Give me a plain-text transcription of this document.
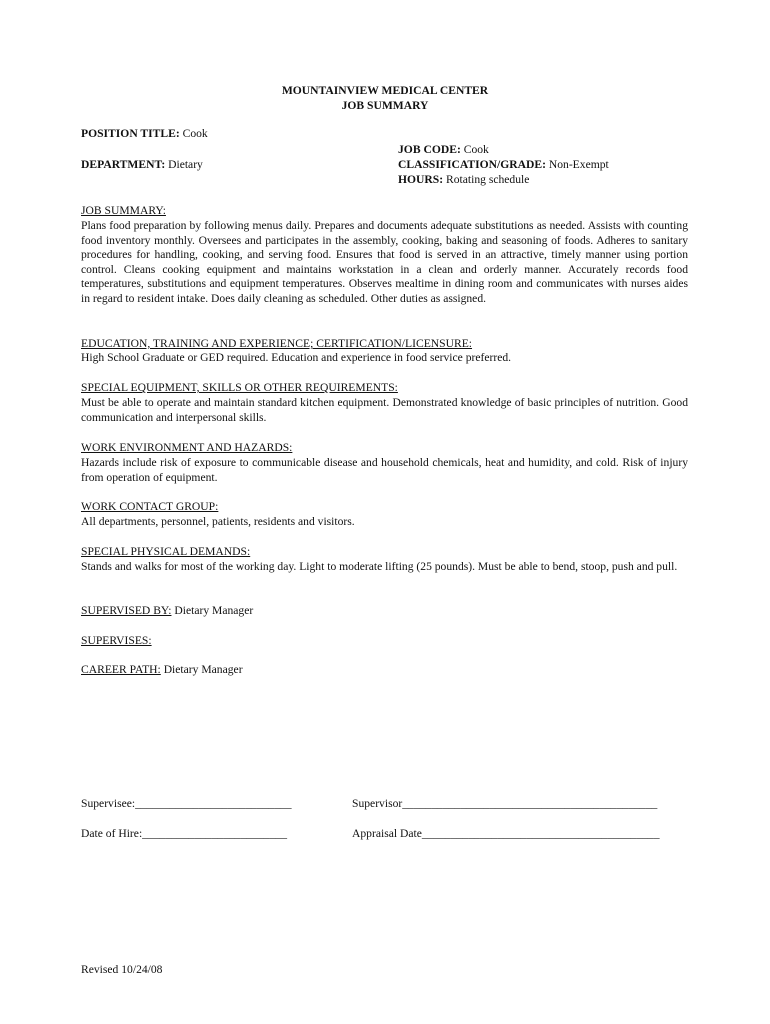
MOUNTAINVIEW MEDICAL CENTER
JOB SUMMARY
POSITION TITLE: Cook
DEPARTMENT: Dietary
JOB CODE: Cook
CLASSIFICATION/GRADE: Non-Exempt
HOURS: Rotating schedule
JOB SUMMARY:
Plans food preparation by following menus daily. Prepares and documents adequate substitutions as needed. Assists with counting food inventory monthly. Oversees and participates in the assembly, cooking, baking and seasoning of foods. Adheres to sanitary procedures for handling, cooking, and serving food. Ensures that food is served in an attractive, timely manner using portion control. Cleans cooking equipment and maintains workstation in a clean and orderly manner. Accurately records food temperatures, substitutions and equipment temperatures. Observes mealtime in dining room and communicates with nurses aides in regard to resident intake. Does daily cleaning as scheduled. Other duties as assigned.
EDUCATION, TRAINING AND EXPERIENCE; CERTIFICATION/LICENSURE:
High School Graduate or GED required. Education and experience in food service preferred.
SPECIAL EQUIPMENT, SKILLS OR OTHER REQUIREMENTS:
Must be able to operate and maintain standard kitchen equipment. Demonstrated knowledge of basic principles of nutrition. Good communication and interpersonal skills.
WORK ENVIRONMENT AND HAZARDS:
Hazards include risk of exposure to communicable disease and household chemicals, heat and humidity, and cold. Risk of injury from operation of equipment.
WORK CONTACT GROUP:
All departments, personnel, patients, residents and visitors.
SPECIAL PHYSICAL DEMANDS:
Stands and walks for most of the working day. Light to moderate lifting (25 pounds). Must be able to bend, stoop, push and pull.
SUPERVISED BY: Dietary Manager
SUPERVISES:
CAREER PATH: Dietary Manager
Supervisee:___________________________	Supervisor____________________________________________
Date of Hire:_________________________	Appraisal Date_________________________________________
Revised 10/24/08
